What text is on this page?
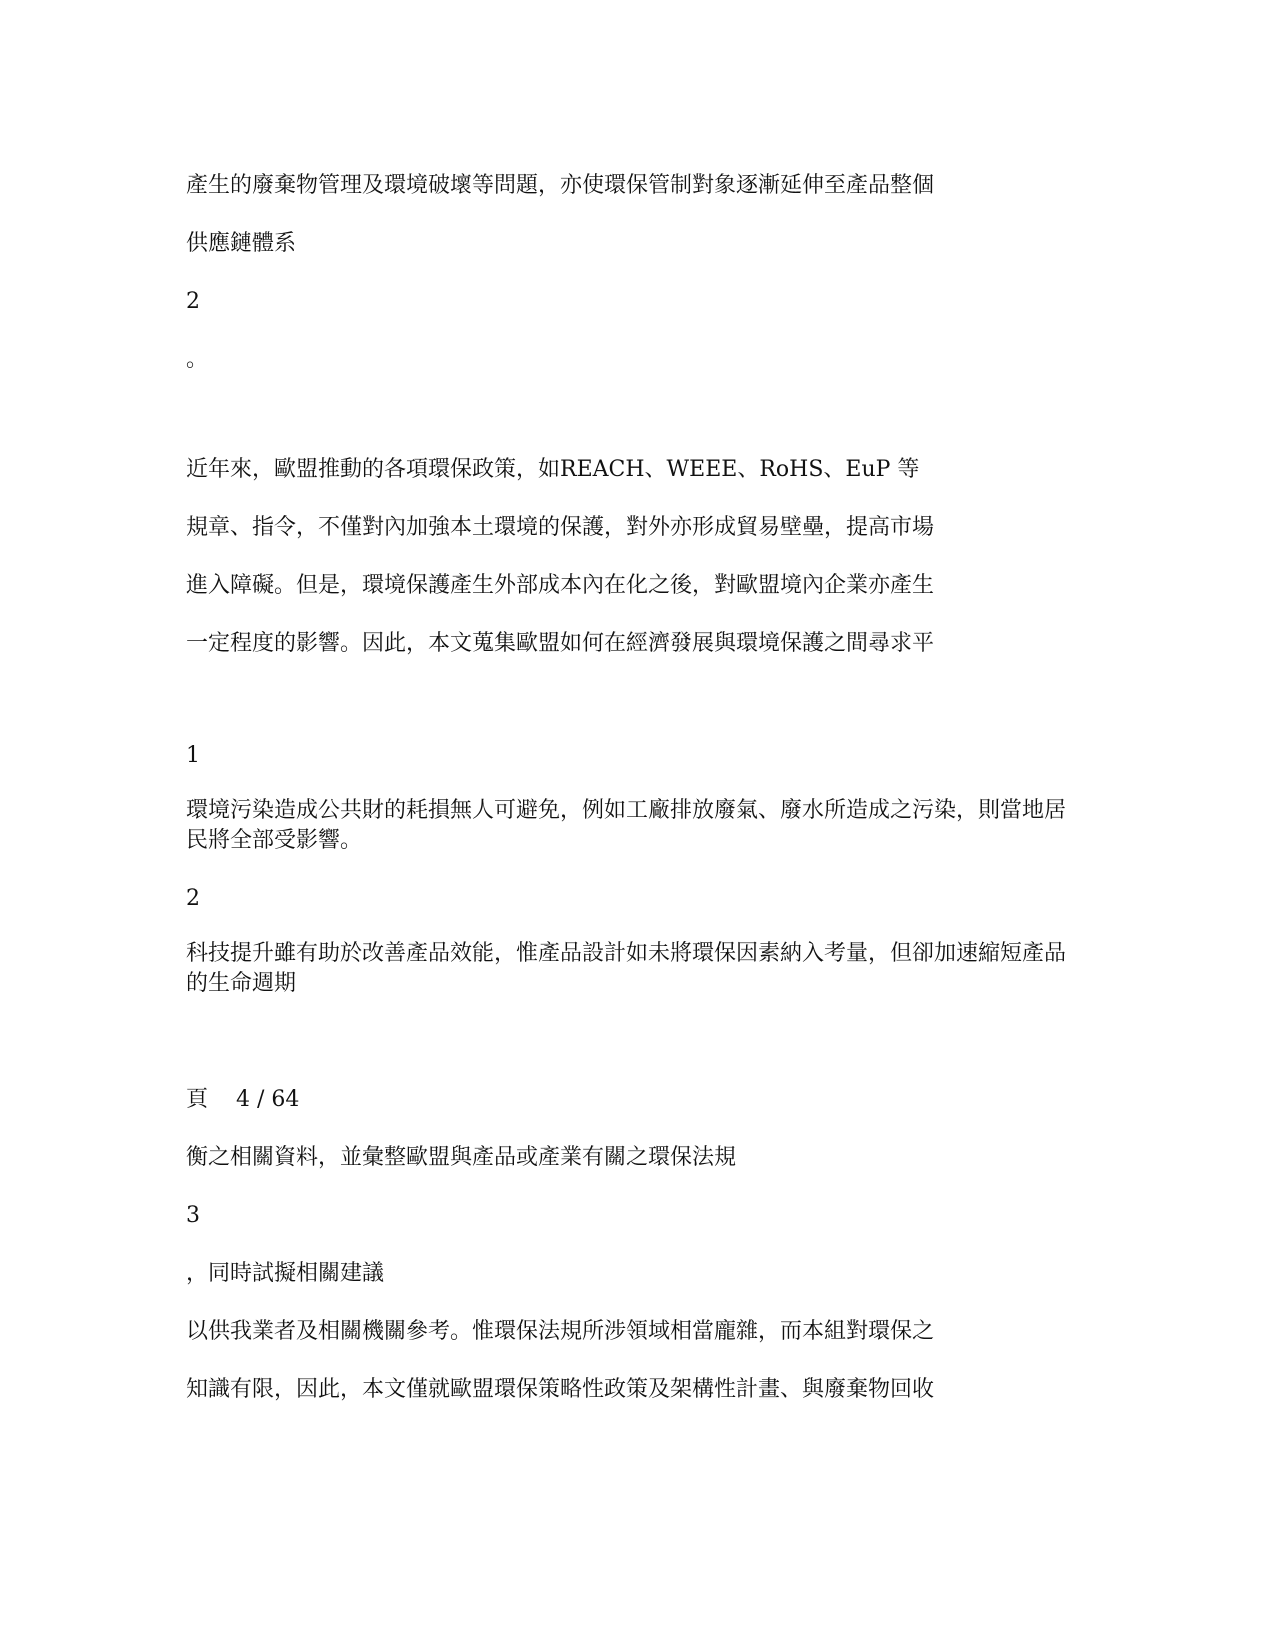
產生的廢棄物管理及環境破壞等問題，亦使環保管制對象逐漸延伸至產品整個

供應鏈體系

2

。

近年來，歐盟推動的各項環保政策，如REACH、WEEE、RoHS、EuP 等

規章、指令，不僅對內加強本土環境的保護，對外亦形成貿易壁壘，提高市場

進入障礙。但是，環境保護產生外部成本內在化之後，對歐盟境內企業亦產生

一定程度的影響。因此，本文蒐集歐盟如何在經濟發展與環境保護之間尋求平

1

環境污染造成公共財的耗損無人可避免，例如工廠排放廢氣、廢水所造成之污染，則當地居民將全部受影響。

2

科技提升雖有助於改善產品效能，惟產品設計如未將環保因素納入考量，但卻加速縮短產品的生命週期

頁    4 / 64

衡之相關資料，並彙整歐盟與產品或產業有關之環保法規

3

，同時試擬相關建議

以供我業者及相關機關參考。惟環保法規所涉領域相當龐雜，而本組對環保之

知識有限，因此，本文僅就歐盟環保策略性政策及架構性計畫、與廢棄物回收
